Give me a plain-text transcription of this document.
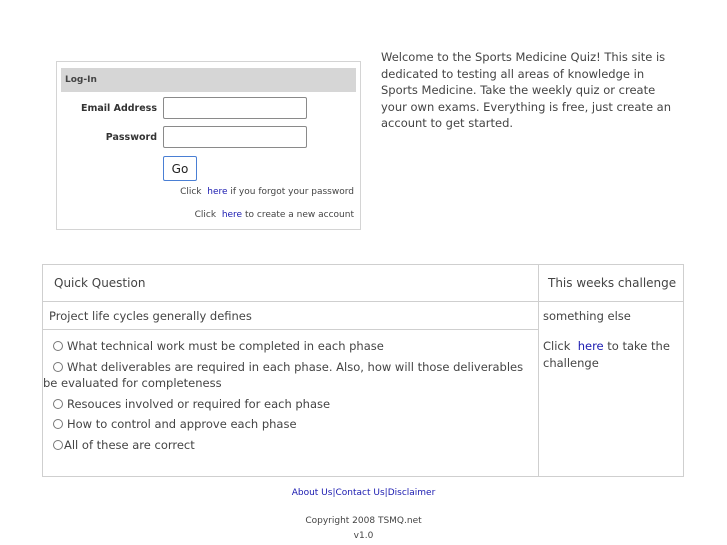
Log-In
Email Address
Password
Go
Click here if you forgot your password
Click here to create a new account
Welcome to the Sports Medicine Quiz! This site is dedicated to testing all areas of knowledge in Sports Medicine. Take the weekly quiz or create your own exams. Everything is free, just create an account to get started.
Quick Question	This weeks challenge
Project life cycles generally defines	something else
What technical work must be completed in each phase
What deliverables are required in each phase. Also, how will those deliverables be evaluated for completeness
Resouces involved or required for each phase
How to control and approve each phase
All of these are correct
Click here to take the challenge
About Us|Contact Us|Disclaimer
Copyright 2008 TSMQ.net
v1.0
